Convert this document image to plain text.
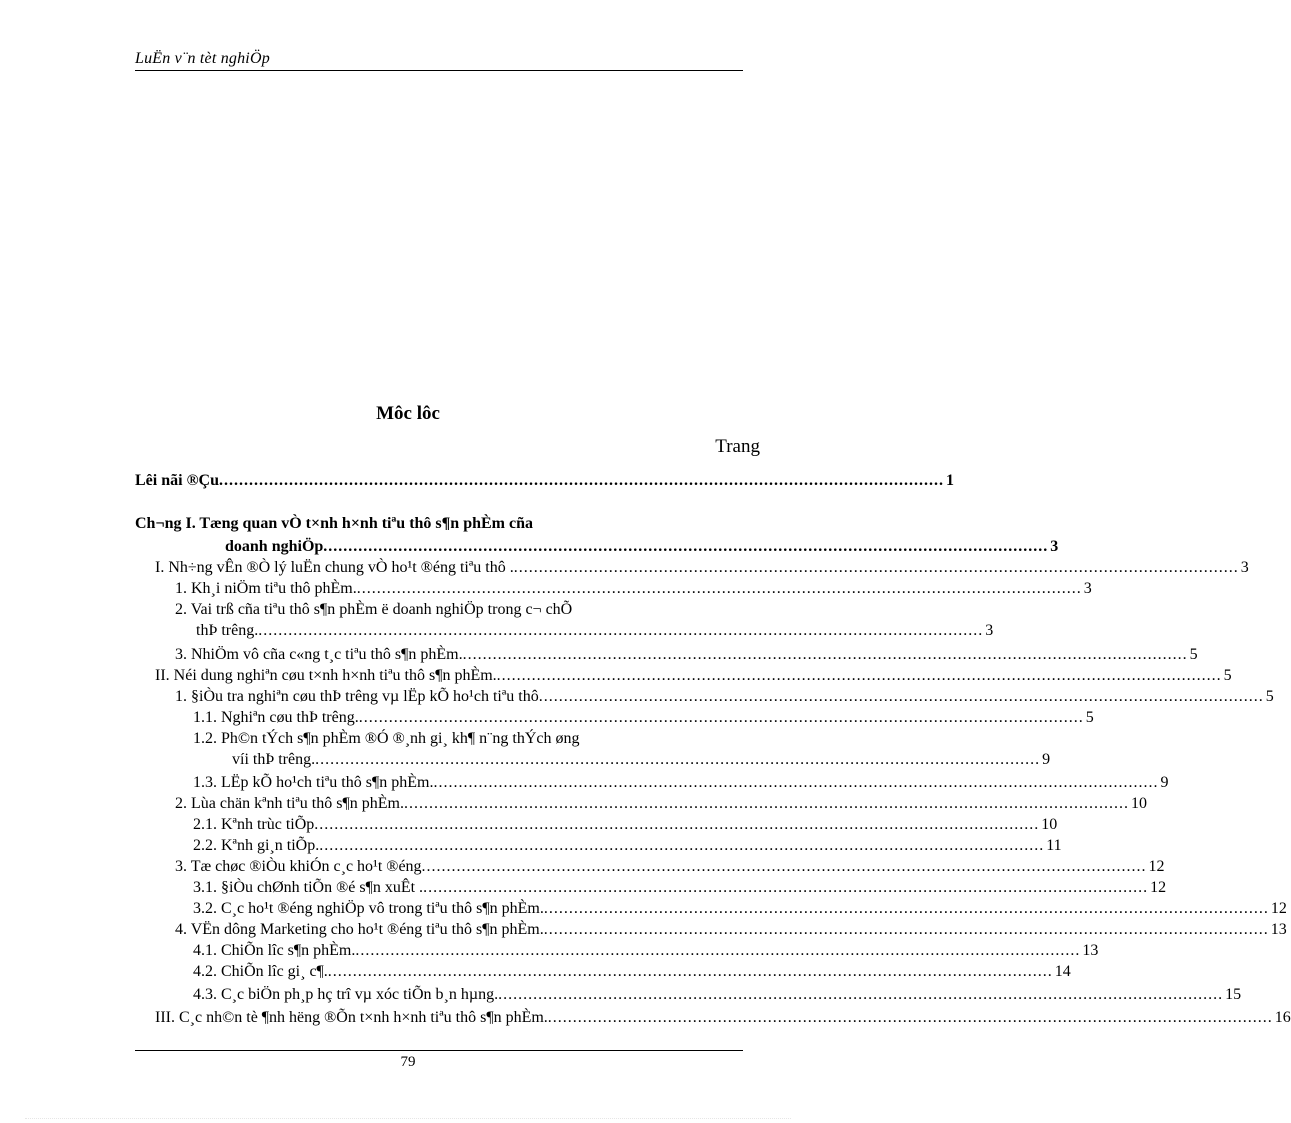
LuËn v¨n tèt nghiÖp
Môc lôc
Trang
Lêi nãi ®Çu ................................................................................................................................................. 1
Ch¬ng I. Tæng quan vÒ t×nh h×nh tiªu thô s¶n phÈm cña
doanh nghiÖp ................................................................................................................................................. 3
I. Nh÷ng vÊn ®Ò lý luËn chung vÒ ho¹t ®éng tiªu thô . ................................................................................................................................................. 3
1. Kh¸i niÖm tiªu thô phÈm. ................................................................................................................................................. 3
2. Vai trß cña tiªu thô s¶n phÈm ë doanh nghiÖp trong c¬ chÕ
thÞ trêng. ................................................................................................................................................. 3
3. NhiÖm vô cña c«ng t¸c tiªu thô s¶n phÈm. ................................................................................................................................................. 5
II. Néi dung nghiªn cøu t×nh h×nh tiªu thô s¶n phÈm. ................................................................................................................................................. 5
1. §iÒu tra nghiªn cøu thÞ trêng vµ lËp kÕ ho¹ch tiªu thô ................................................................................................................................................. 5
1.1. Nghiªn cøu thÞ trêng. ................................................................................................................................................. 5
1.2. Ph©n tÝch s¶n phÈm ®Ó ®¸nh gi¸ kh¶ n¨ng thÝch øng
víi thÞ trêng. ................................................................................................................................................. 9
1.3. LËp kÕ ho¹ch tiªu thô s¶n phÈm. ................................................................................................................................................. 9
2. Lùa chän kªnh tiªu thô s¶n phÈm. ................................................................................................................................................. 10
2.1. Kªnh trùc tiÕp ................................................................................................................................................. 10
2.2. Kªnh gi¸n tiÕp. ................................................................................................................................................. 11
3. Tæ chøc ®iÒu khiÓn c¸c ho¹t ®éng ................................................................................................................................................. 12
3.1. §iÒu chØnh tiÕn ®é s¶n xuÊt . ................................................................................................................................................. 12
3.2. C¸c ho¹t ®éng nghiÖp vô trong tiªu thô s¶n phÈm. ................................................................................................................................................. 12
4. VËn dông Marketing cho ho¹t ®éng tiªu thô s¶n phÈm. ................................................................................................................................................. 13
4.1. ChiÕn lîc s¶n phÈm. ................................................................................................................................................. 13
4.2. ChiÕn lîc gi¸ c¶. ................................................................................................................................................. 14
4.3. C¸c biÖn ph¸p hç trî vµ xóc tiÕn b¸n hµng. ................................................................................................................................................. 15
III. C¸c nh©n tè ¶nh hëng ®Õn t×nh h×nh tiªu thô s¶n phÈm. ................................................................................................................................................. 16
79
